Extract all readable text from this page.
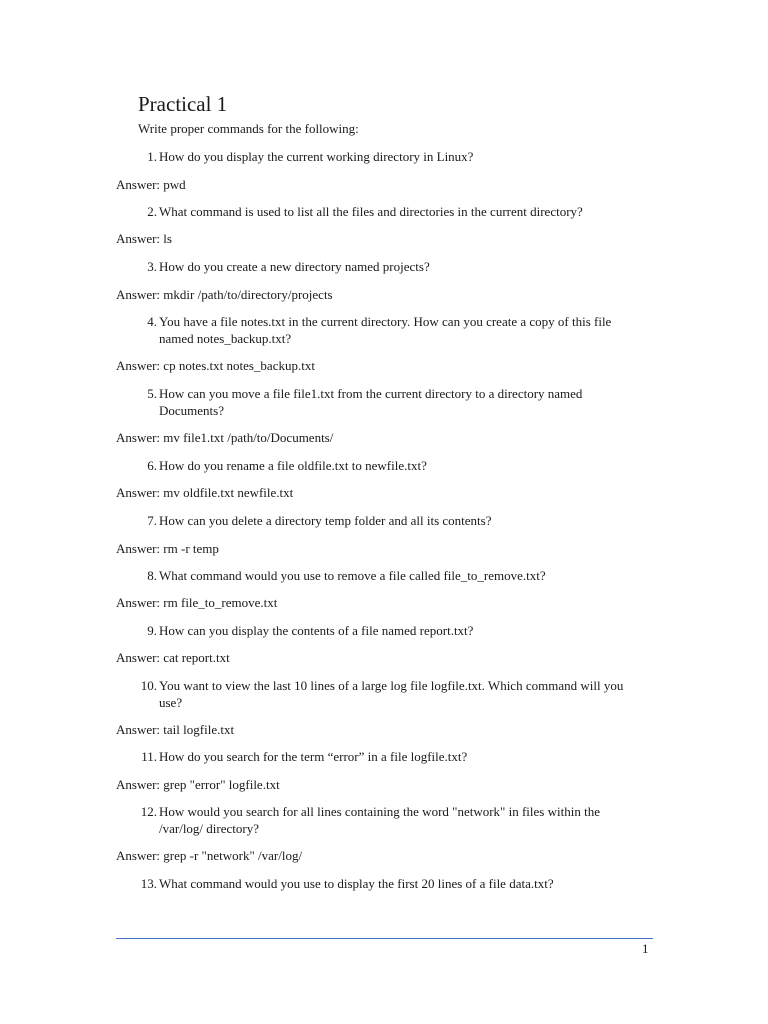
Practical 1
Write proper commands for the following:
1. How do you display the current working directory in Linux?
Answer: pwd
2. What command is used to list all the files and directories in the current directory?
Answer: ls
3. How do you create a new directory named projects?
Answer: mkdir /path/to/directory/projects
4. You have a file notes.txt in the current directory. How can you create a copy of this file named notes_backup.txt?
Answer: cp notes.txt notes_backup.txt
5. How can you move a file file1.txt from the current directory to a directory named Documents?
Answer: mv file1.txt /path/to/Documents/
6. How do you rename a file oldfile.txt to newfile.txt?
Answer: mv oldfile.txt newfile.txt
7. How can you delete a directory temp folder and all its contents?
Answer: rm -r temp
8. What command would you use to remove a file called file_to_remove.txt?
Answer: rm file_to_remove.txt
9. How can you display the contents of a file named report.txt?
Answer: cat report.txt
10. You want to view the last 10 lines of a large log file logfile.txt. Which command will you use?
Answer: tail logfile.txt
11. How do you search for the term “error” in a file logfile.txt?
Answer: grep "error" logfile.txt
12. How would you search for all lines containing the word "network" in files within the /var/log/ directory?
Answer: grep -r "network" /var/log/
13. What command would you use to display the first 20 lines of a file data.txt?
1
